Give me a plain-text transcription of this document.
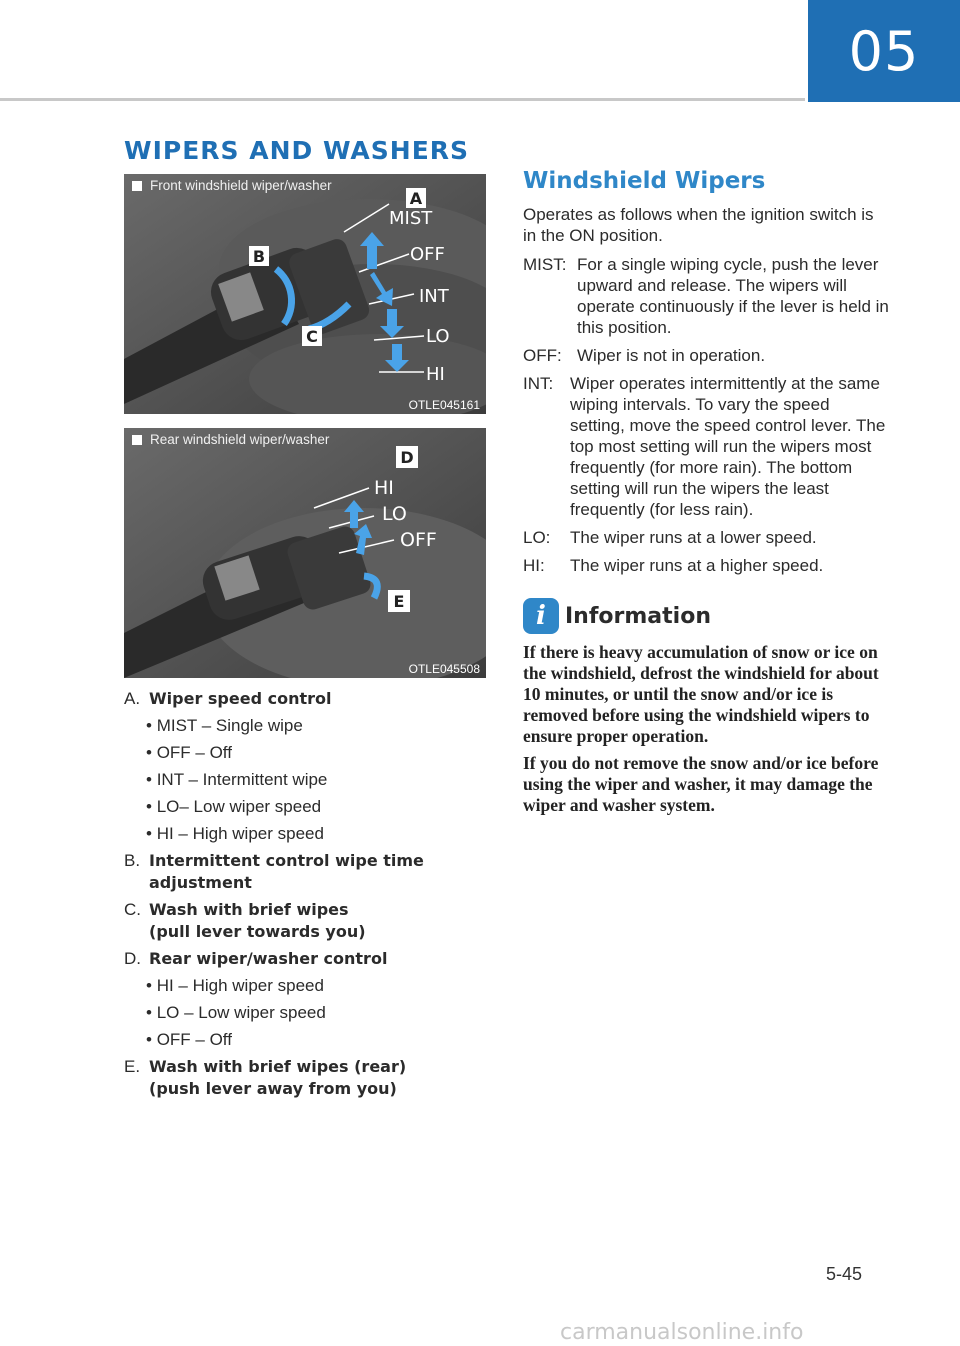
05
WIPERS AND WASHERS
Front windshield wiper/washer
A
B
C
MIST
OFF
INT
LO
HI
OTLE045161
Rear windshield wiper/washer
D
E
HI
LO
OFF
OTLE045508
A. Wiper speed control
• MIST – Single wipe
• OFF – Off
• INT – Intermittent wipe
• LO– Low wiper speed
• HI – High wiper speed
B. Intermittent control wipe time
adjustment
C. Wash with brief wipes
(pull lever towards you)
D. Rear wiper/washer control
• HI – High wiper speed
• LO – Low wiper speed
• OFF – Off
E. Wash with brief wipes (rear)
(push lever away from you)
Windshield Wipers

Operates as follows when the ignition switch is in the ON position.

MIST: For a single wiping cycle, push the lever upward and release. The wipers will operate continuously if the lever is held in this position.
OFF: Wiper is not in operation.
INT: Wiper operates intermittently at the same wiping intervals. To vary the speed setting, move the speed control lever. The top most setting will run the wipers most frequently (for more rain). The bottom setting will run the wipers the least frequently (for less rain).
LO:	The wiper runs at a lower speed.
HI:	The wiper runs at a higher speed.
i Information

If there is heavy accumulation of snow or ice on the windshield, defrost the windshield for about 10 minutes, or until the snow and/or ice is removed before using the windshield wipers to ensure proper operation.

If you do not remove the snow and/or ice before using the wiper and washer, it may damage the wiper and washer system.

5-45
carmanualsonline.info
